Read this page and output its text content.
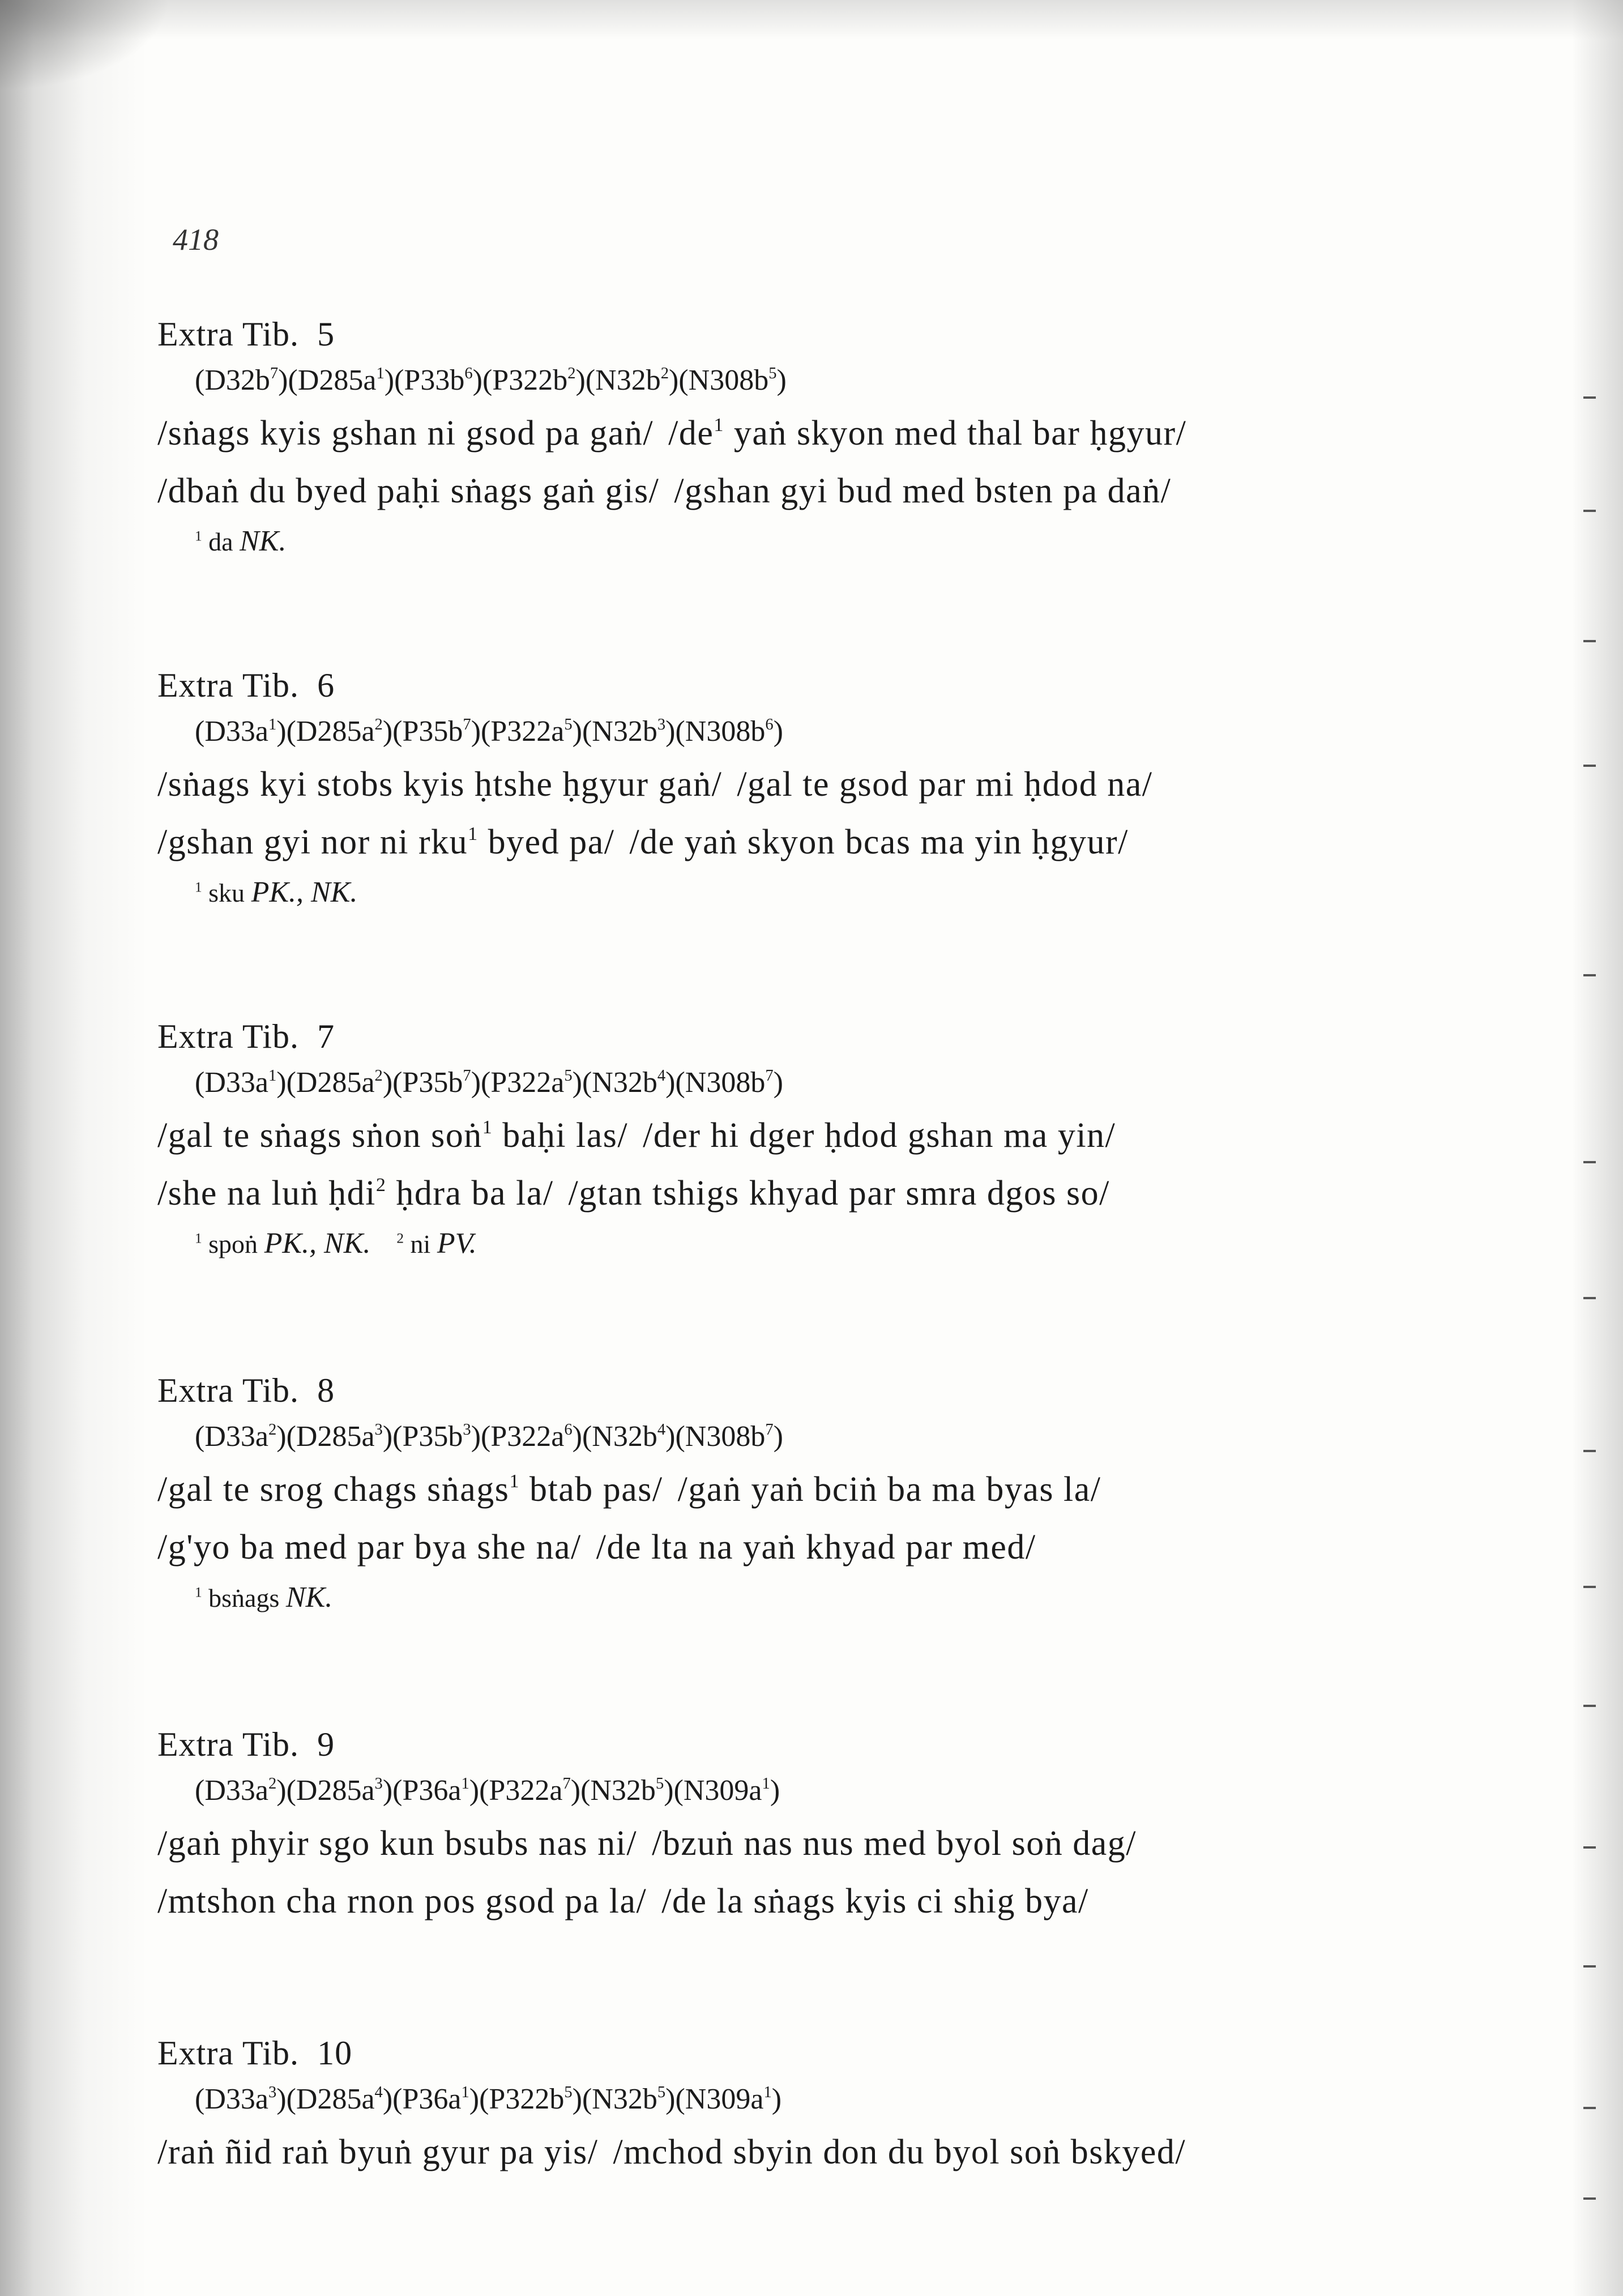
418
Extra Tib. 5
$(D32b^7)(D285a^1)(P33b^6)(P322b^2)(N32b^2)(N308b^5)$
/sṅags kyis gshan ni gsod pa gaṅ/ $/de^1$ yaṅ skyon med thal bar ḥgyur/
/dbaṅ du byed paḥi sṅags gaṅ gis/ /gshan gyi bud med bsten pa daṅ/
$^1$ da NK.
Extra Tib. 6
$(D33a^1)(D285a^2)(P35b^7)(P322a^5)(N32b^3)(N308b^6)$
/sṅags kyi stobs kyis ḥtshe ḥgyur gaṅ/ /gal te gsod par mi ḥdod na/
/gshan gyi nor ni rku$^1$ byed pa/ /de yaṅ skyon bcas ma yin ḥgyur/
$^1$ sku PK., NK.
Extra Tib. 7
$(D33a^1)(D285a^2)(P35b^7)(P322a^5)(N32b^4)(N308b^7)$
/gal te sṅags sṅon soṅ$^1$ baḥi las/ /der hi dger ḥdod gshan ma yin/
/she na luṅ ḥdi$^2$ ḥdra ba la/ /gtan tshigs khyad par smra dgos so/
$^1$ spoṅ PK., NK.  $^2$ ni PV.
Extra Tib. 8
$(D33a^2)(D285a^3)(P35b^3)(P322a^6)(N32b^4)(N308b^7)$
/gal te srog chags sṅags$^1$ btab pas/ /gaṅ yaṅ bciṅ ba ma byas la/
/g'yo ba med par bya she na/ /de lta na yaṅ khyad par med/
$^1$ bsṅags NK.
Extra Tib. 9
$(D33a^2)(D285a^3)(P36a^1)(P322a^7)(N32b^5)(N309a^1)$
/gaṅ phyir sgo kun bsubs nas ni/ /bzuṅ nas nus med byol soṅ dag/
/mtshon cha rnon pos gsod pa la/ /de la sṅags kyis ci shig bya/
Extra Tib. 10
$(D33a^3)(D285a^4)(P36a^1)(P322b^5)(N32b^5)(N309a^1)$
/raṅ ñid raṅ byuṅ gyur pa yis/ /mchod sbyin don du byol soṅ bskyed/
